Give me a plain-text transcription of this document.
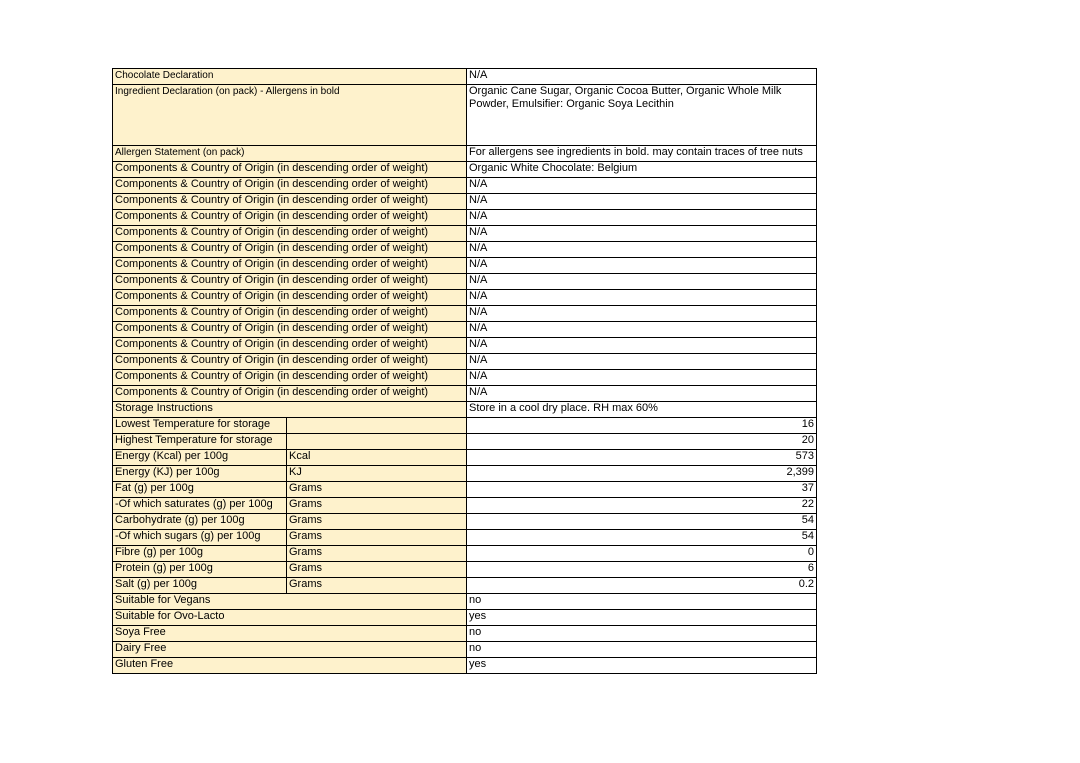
Chocolate Declaration		N/A
Ingredient Declaration (on pack) - Allergens in bold		Organic Cane Sugar, Organic Cocoa Butter, Organic Whole Milk Powder, Emulsifier: Organic Soya Lecithin
Allergen Statement (on pack)		For allergens see ingredients in bold. may contain traces of tree nuts
Components & Country of Origin (in descending order of weight)		Organic White Chocolate: Belgium
Components & Country of Origin (in descending order of weight)		N/A
Components & Country of Origin (in descending order of weight)		N/A
Components & Country of Origin (in descending order of weight)		N/A
Components & Country of Origin (in descending order of weight)		N/A
Components & Country of Origin (in descending order of weight)		N/A
Components & Country of Origin (in descending order of weight)		N/A
Components & Country of Origin (in descending order of weight)		N/A
Components & Country of Origin (in descending order of weight)		N/A
Components & Country of Origin (in descending order of weight)		N/A
Components & Country of Origin (in descending order of weight)		N/A
Components & Country of Origin (in descending order of weight)		N/A
Components & Country of Origin (in descending order of weight)		N/A
Components & Country of Origin (in descending order of weight)		N/A
Components & Country of Origin (in descending order of weight)		N/A
Storage Instructions		Store in a cool dry place. RH max 60%
Lowest Temperature for storage		16
Highest Temperature for storage		20
Energy (Kcal) per 100g	Kcal	573
Energy (KJ) per 100g	KJ	2,399
Fat (g) per 100g	Grams	37
-Of which saturates (g) per 100g	Grams	22
Carbohydrate (g) per 100g	Grams	54
-Of which sugars (g) per 100g	Grams	54
Fibre (g) per 100g	Grams	0
Protein (g) per 100g	Grams	6
Salt (g) per 100g	Grams	0.2
Suitable for Vegans		no
Suitable for Ovo-Lacto		yes
Soya Free		no
Dairy Free		no
Gluten Free		yes
